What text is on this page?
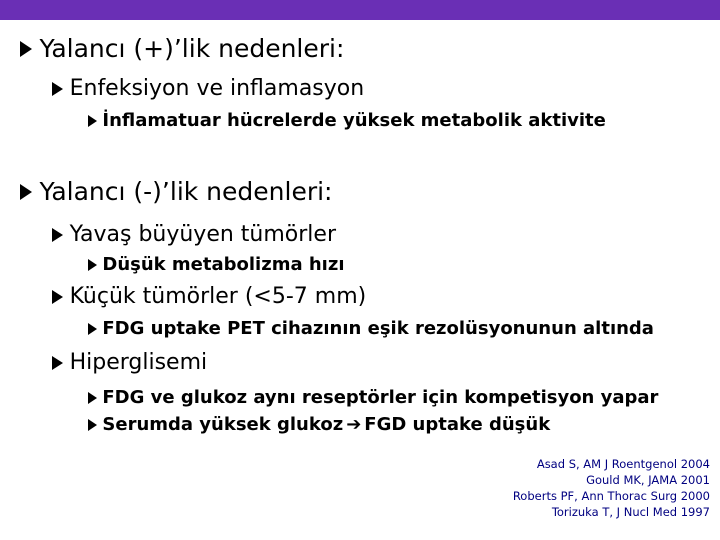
Yalancı (+)’lik nedenleri:
Enfeksiyon ve inflamasyon
İnflamatuar hücrelerde yüksek metabolik aktivite
Yalancı (-)’lik nedenleri:
Yavaş büyüyen tümörler
Düşük metabolizma hızı
Küçük tümörler (<5-7 mm)
FDG uptake PET cihazının eşik rezolüsyonunun altında
Hiperglisemi
FDG ve glukoz aynı reseptörler için kompetisyon yapar
Serumda yüksek glukoz ➔ FGD uptake düşük
Asad S, AM J Roentgenol 2004
Gould MK, JAMA 2001
Roberts PF, Ann Thorac Surg 2000
Torizuka T, J Nucl Med 1997
